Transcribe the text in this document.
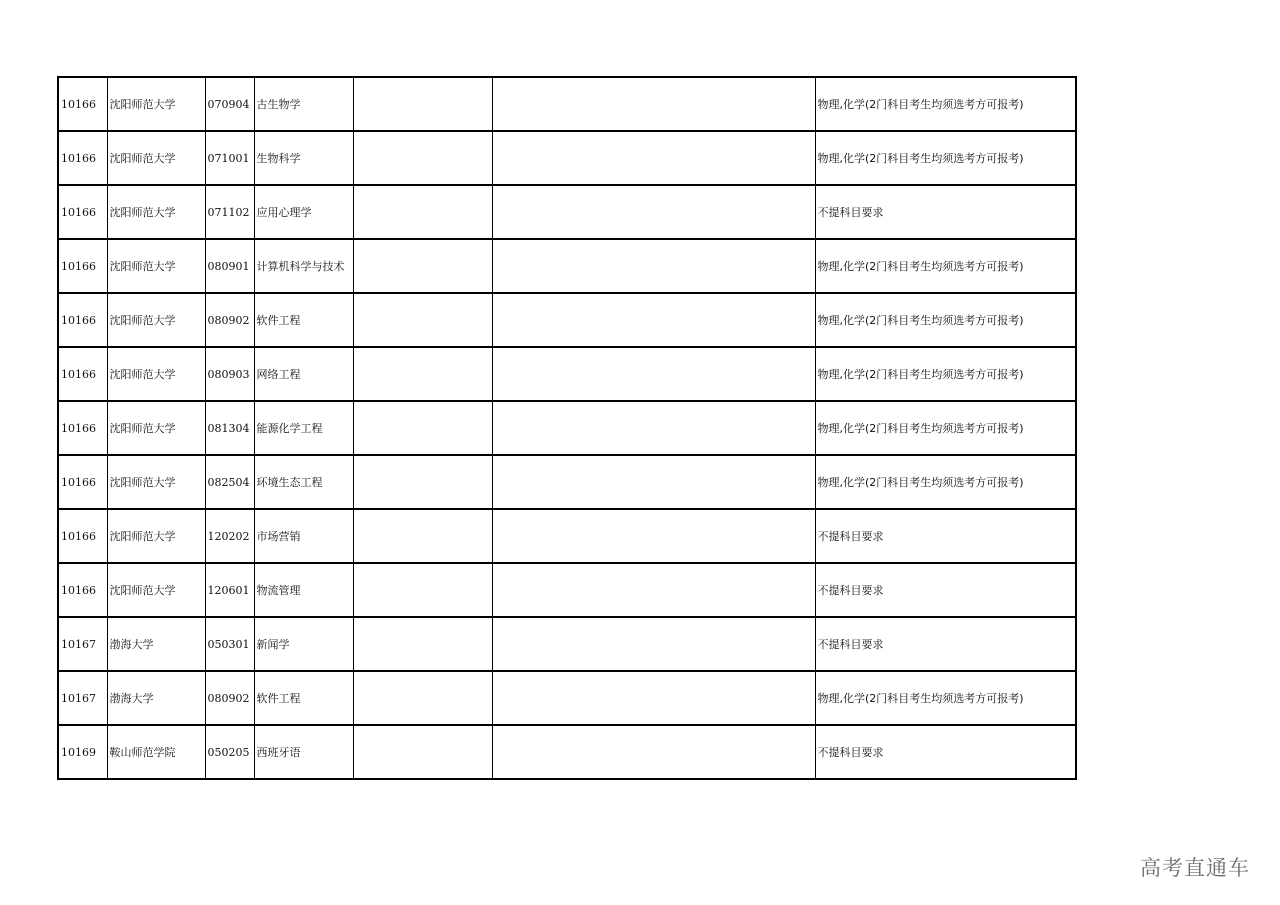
10166	沈阳师范大学	070904	古生物学			物理,化学(2门科目考生均须选考方可报考)
10166	沈阳师范大学	071001	生物科学			物理,化学(2门科目考生均须选考方可报考)
10166	沈阳师范大学	071102	应用心理学			不提科目要求
10166	沈阳师范大学	080901	计算机科学与技术			物理,化学(2门科目考生均须选考方可报考)
10166	沈阳师范大学	080902	软件工程			物理,化学(2门科目考生均须选考方可报考)
10166	沈阳师范大学	080903	网络工程			物理,化学(2门科目考生均须选考方可报考)
10166	沈阳师范大学	081304	能源化学工程			物理,化学(2门科目考生均须选考方可报考)
10166	沈阳师范大学	082504	环境生态工程			物理,化学(2门科目考生均须选考方可报考)
10166	沈阳师范大学	120202	市场营销			不提科目要求
10166	沈阳师范大学	120601	物流管理			不提科目要求
10167	渤海大学	050301	新闻学			不提科目要求
10167	渤海大学	080902	软件工程			物理,化学(2门科目考生均须选考方可报考)
10169	鞍山师范学院	050205	西班牙语			不提科目要求
高考直通车
